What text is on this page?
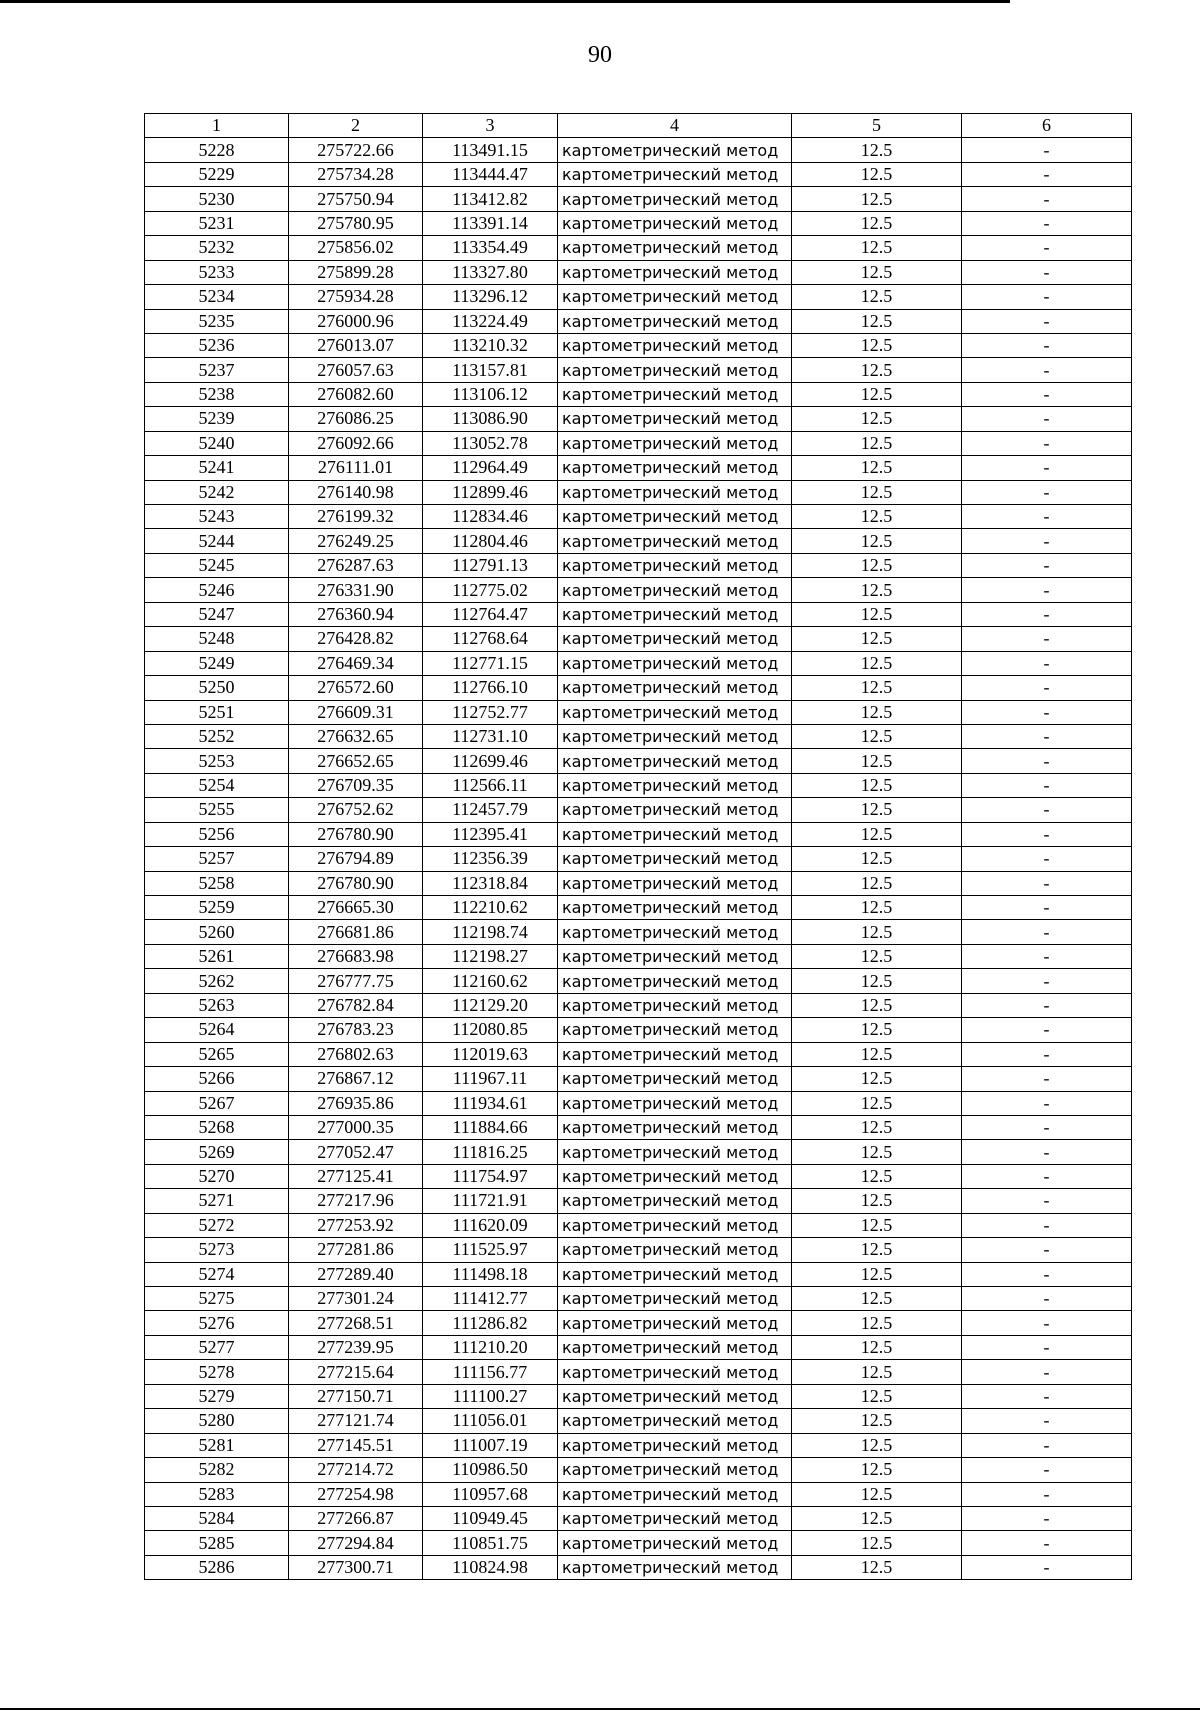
90
1	2	3	4	5	6
5228	275722.66	113491.15	картометрический метод	12.5	-
5229	275734.28	113444.47	картометрический метод	12.5	-
5230	275750.94	113412.82	картометрический метод	12.5	-
5231	275780.95	113391.14	картометрический метод	12.5	-
5232	275856.02	113354.49	картометрический метод	12.5	-
5233	275899.28	113327.80	картометрический метод	12.5	-
5234	275934.28	113296.12	картометрический метод	12.5	-
5235	276000.96	113224.49	картометрический метод	12.5	-
5236	276013.07	113210.32	картометрический метод	12.5	-
5237	276057.63	113157.81	картометрический метод	12.5	-
5238	276082.60	113106.12	картометрический метод	12.5	-
5239	276086.25	113086.90	картометрический метод	12.5	-
5240	276092.66	113052.78	картометрический метод	12.5	-
5241	276111.01	112964.49	картометрический метод	12.5	-
5242	276140.98	112899.46	картометрический метод	12.5	-
5243	276199.32	112834.46	картометрический метод	12.5	-
5244	276249.25	112804.46	картометрический метод	12.5	-
5245	276287.63	112791.13	картометрический метод	12.5	-
5246	276331.90	112775.02	картометрический метод	12.5	-
5247	276360.94	112764.47	картометрический метод	12.5	-
5248	276428.82	112768.64	картометрический метод	12.5	-
5249	276469.34	112771.15	картометрический метод	12.5	-
5250	276572.60	112766.10	картометрический метод	12.5	-
5251	276609.31	112752.77	картометрический метод	12.5	-
5252	276632.65	112731.10	картометрический метод	12.5	-
5253	276652.65	112699.46	картометрический метод	12.5	-
5254	276709.35	112566.11	картометрический метод	12.5	-
5255	276752.62	112457.79	картометрический метод	12.5	-
5256	276780.90	112395.41	картометрический метод	12.5	-
5257	276794.89	112356.39	картометрический метод	12.5	-
5258	276780.90	112318.84	картометрический метод	12.5	-
5259	276665.30	112210.62	картометрический метод	12.5	-
5260	276681.86	112198.74	картометрический метод	12.5	-
5261	276683.98	112198.27	картометрический метод	12.5	-
5262	276777.75	112160.62	картометрический метод	12.5	-
5263	276782.84	112129.20	картометрический метод	12.5	-
5264	276783.23	112080.85	картометрический метод	12.5	-
5265	276802.63	112019.63	картометрический метод	12.5	-
5266	276867.12	111967.11	картометрический метод	12.5	-
5267	276935.86	111934.61	картометрический метод	12.5	-
5268	277000.35	111884.66	картометрический метод	12.5	-
5269	277052.47	111816.25	картометрический метод	12.5	-
5270	277125.41	111754.97	картометрический метод	12.5	-
5271	277217.96	111721.91	картометрический метод	12.5	-
5272	277253.92	111620.09	картометрический метод	12.5	-
5273	277281.86	111525.97	картометрический метод	12.5	-
5274	277289.40	111498.18	картометрический метод	12.5	-
5275	277301.24	111412.77	картометрический метод	12.5	-
5276	277268.51	111286.82	картометрический метод	12.5	-
5277	277239.95	111210.20	картометрический метод	12.5	-
5278	277215.64	111156.77	картометрический метод	12.5	-
5279	277150.71	111100.27	картометрический метод	12.5	-
5280	277121.74	111056.01	картометрический метод	12.5	-
5281	277145.51	111007.19	картометрический метод	12.5	-
5282	277214.72	110986.50	картометрический метод	12.5	-
5283	277254.98	110957.68	картометрический метод	12.5	-
5284	277266.87	110949.45	картометрический метод	12.5	-
5285	277294.84	110851.75	картометрический метод	12.5	-
5286	277300.71	110824.98	картометрический метод	12.5	-
